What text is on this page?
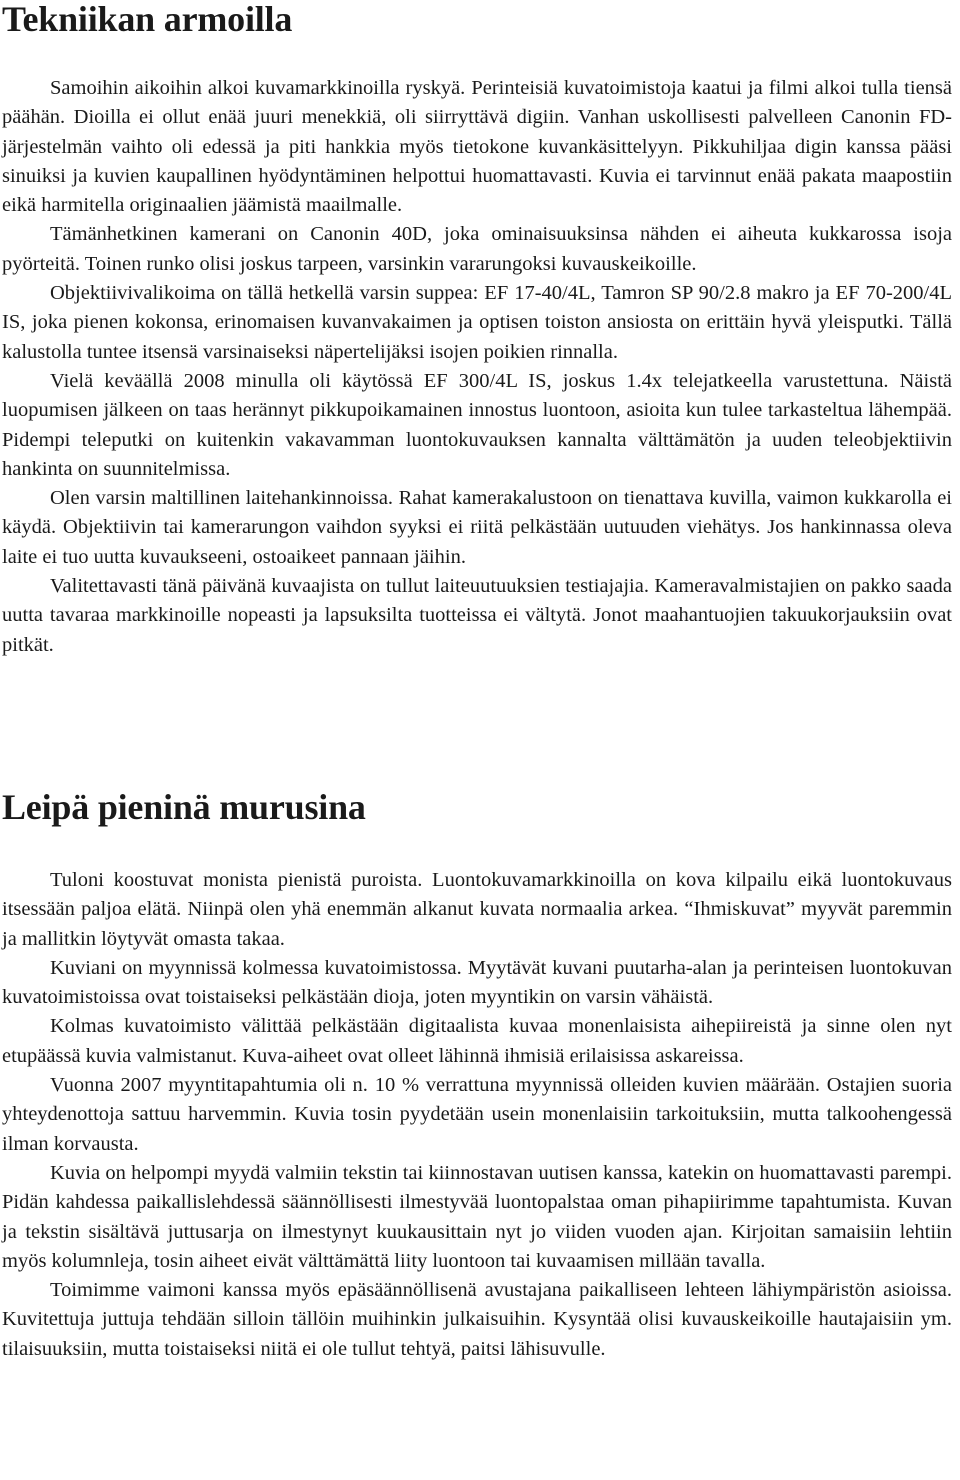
Tekniikan armoilla

Samoihin aikoihin alkoi kuvamarkkinoilla ryskyä. Perinteisiä kuvatoimistoja kaatui ja filmi alkoi tulla tiensä päähän. Dioilla ei ollut enää juuri menekkiä, oli siirryttävä digiin. Vanhan uskollisesti palvelleen Canonin FD-järjestelmän vaihto oli edessä ja piti hankkia myös tietokone kuvankäsittelyyn. Pikkuhiljaa digin kanssa pääsi sinuiksi ja kuvien kaupallinen hyödyntäminen helpottui huomattavasti. Kuvia ei tarvinnut enää pakata maapostiin eikä harmitella originaalien jäämistä maailmalle.

Tämänhetkinen kamerani on Canonin 40D, joka ominaisuuksinsa nähden ei aiheuta kukkarossa isoja pyörteitä. Toinen runko olisi joskus tarpeen, varsinkin vararungoksi kuvauskeikoille.

Objektiivivalikoima on tällä hetkellä varsin suppea: EF 17-40/4L, Tamron SP 90/2.8 makro ja EF 70-200/4L IS, joka pienen kokonsa, erinomaisen kuvanvakaimen ja optisen toiston ansiosta on erittäin hyvä yleisputki. Tällä kalustolla tuntee itsensä varsinaiseksi näpertelijäksi isojen poikien rinnalla.

Vielä keväällä 2008 minulla oli käytössä EF 300/4L IS, joskus 1.4x telejatkeella varustettuna. Näistä luopumisen jälkeen on taas herännyt pikkupoikamainen innostus luontoon, asioita kun tulee tarkasteltua lähempää. Pidempi teleputki on kuitenkin vakavamman luontokuvauksen kannalta välttämätön ja uuden teleobjektiivin hankinta on suunnitelmissa.

Olen varsin maltillinen laitehankinnoissa. Rahat kamerakalustoon on tienattava kuvilla, vaimon kukkarolla ei käydä. Objektiivin tai kamerarungon vaihdon syyksi ei riitä pelkästään uutuuden viehätys. Jos hankinnassa oleva laite ei tuo uutta kuvaukseeni, ostoaikeet pannaan jäihin.

Valitettavasti tänä päivänä kuvaajista on tullut laiteuutuuksien testiajajia. Kameravalmistajien on pakko saada uutta tavaraa markkinoille nopeasti ja lapsuksilta tuotteissa ei vältytä. Jonot maahantuojien takuukorjauksiin ovat pitkät.

Leipä pieninä murusina

Tuloni koostuvat monista pienistä puroista. Luontokuvamarkkinoilla on kova kilpailu eikä luontokuvaus itsessään paljoa elätä. Niinpä olen yhä enemmän alkanut kuvata normaalia arkea. “Ihmiskuvat” myyvät paremmin ja mallitkin löytyvät omasta takaa.

Kuviani on myynnissä kolmessa kuvatoimistossa. Myytävät kuvani puutarha-alan ja perinteisen luontokuvan kuvatoimistoissa ovat toistaiseksi pelkästään dioja, joten myyntikin on varsin vähäistä.

Kolmas kuvatoimisto välittää pelkästään digitaalista kuvaa monenlaisista aihepiireistä ja sinne olen nyt etupäässä kuvia valmistanut. Kuva-aiheet ovat olleet lähinnä ihmisiä erilaisissa askareissa.

Vuonna 2007 myyntitapahtumia oli n. 10 % verrattuna myynnissä olleiden kuvien määrään. Ostajien suoria yhteydenottoja sattuu harvemmin. Kuvia tosin pyydetään usein monenlaisiin tarkoituksiin, mutta talkoohengessä ilman korvausta.

Kuvia on helpompi myydä valmiin tekstin tai kiinnostavan uutisen kanssa, katekin on huomattavasti parempi. Pidän kahdessa paikallislehdessä säännöllisesti ilmestyvää luontopalstaa oman pihapiirimme tapahtumista. Kuvan ja tekstin sisältävä juttusarja on ilmestynyt kuukausittain nyt jo viiden vuoden ajan. Kirjoitan samaisiin lehtiin myös kolumnleja, tosin aiheet eivät välttämättä liity luontoon tai kuvaamisen millään tavalla.

Toimimme vaimoni kanssa myös epäsäännöllisenä avustajana paikalliseen lehteen lähiympäristön asioissa. Kuvitettuja juttuja tehdään silloin tällöin muihinkin julkaisuihin. Kysyntää olisi kuvauskeikoille hautajaisiin ym. tilaisuuksiin, mutta toistaiseksi niitä ei ole tullut tehtyä, paitsi lähisuvulle.
